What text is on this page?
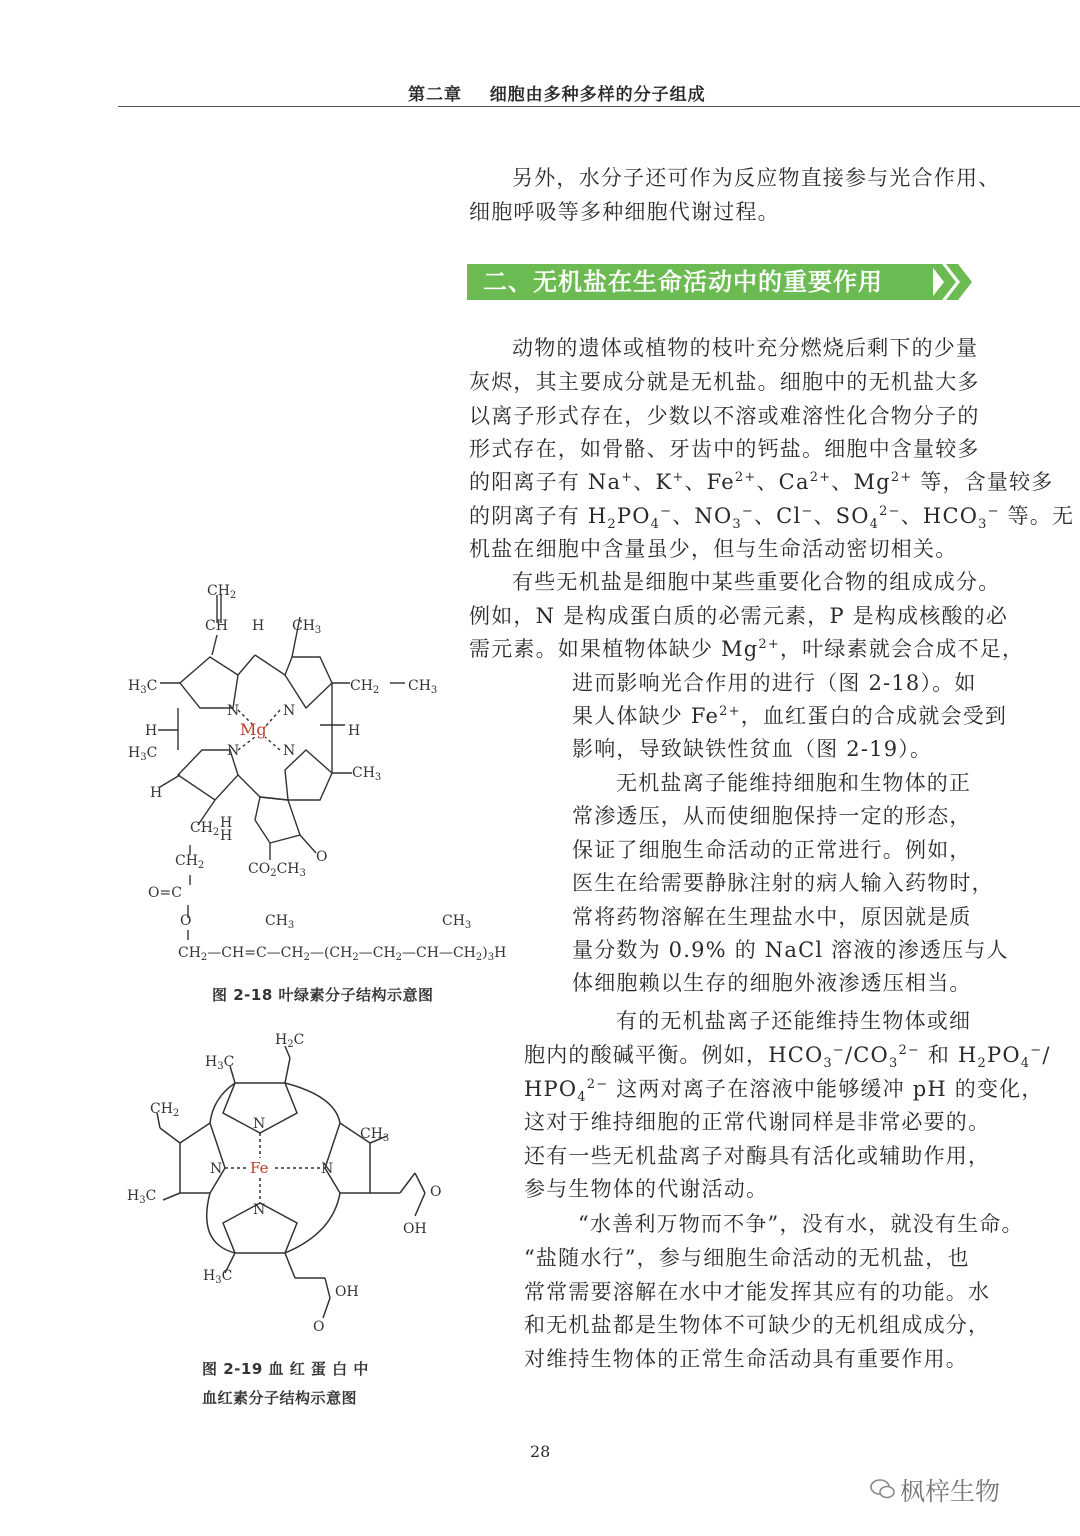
第二章 细胞由多种多样的分子组成
另外，水分子还可作为反应物直接参与光合作用、
细胞呼吸等多种细胞代谢过程。
二、无机盐在生命活动中的重要作用
动物的遗体或植物的枝叶充分燃烧后剩下的少量
灰烬，其主要成分就是无机盐。细胞中的无机盐大多
以离子形式存在，少数以不溶或难溶性化合物分子的
形式存在，如骨骼、牙齿中的钙盐。细胞中含量较多
的阳离子有 Na+、K+、$Fe^{2+}$、$Ca^{2+}$、$Mg^{2+}$ 等，含量较多
的阴离子有 $H_2PO_4^-$、$NO_3^-$、Cl−、$SO_4^{2-}$、$HCO_3^-$ 等。无
机盐在细胞中含量虽少，但与生命活动密切相关。
有些无机盐是细胞中某些重要化合物的组成成分。
例如，N 是构成蛋白质的必需元素，P 是构成核酸的必
需元素。如果植物体缺少 $Mg^{2+}$，叶绿素就会合成不足，
进而影响光合作用的进行（图 2-18）。如
果人体缺少 $Fe^{2+}$，血红蛋白的合成就会受到
影响，导致缺铁性贫血（图 2-19）。
无机盐离子能维持细胞和生物体的正
常渗透压，从而使细胞保持一定的形态，
保证了细胞生命活动的正常进行。例如，
医生在给需要静脉注射的病人输入药物时，
常将药物溶解在生理盐水中，原因就是质
量分数为 0.9% 的 NaCl 溶液的渗透压与人
体细胞赖以生存的细胞外液渗透压相当。
有的无机盐离子还能维持生物体或细
胞内的酸碱平衡。例如，$HCO_3^-/CO_3^{2-}$ 和 $H_2PO_4^-/$
$HPO_4^{2-}$ 这两对离子在溶液中能够缓冲 pH 的变化，
这对于维持细胞的正常代谢同样是非常必要的。
还有一些无机盐离子对酶具有活化或辅助作用，
参与生物体的代谢活动。
“水善利万物而不争”，没有水，就没有生命。
“盐随水行”，参与细胞生命活动的无机盐，也
常常需要溶解在水中才能发挥其应有的功能。水
和无机盐都是生物体不可缺少的无机组成成分，
对维持生物体的正常生命活动具有重要作用。
$CH_2$
CH H $CH_3$
$H_3C$	$CH_2$ $CH_3$
N	N
Mg
H	H
$H_3C$	N	N
$CH_3$
H
H
$CH_2$ H
O
$CH_2$	$CO_2CH_3$
O=C
O	$CH_3$	$CH_3$
$CH_2—CH=C—CH_2—(CH_2—CH_2—CH—CH_2)_3H$
图 2-18 叶绿素分子结构示意图
$H_3C$
$H_2C$
$CH_2$
$CH_3$
N
N Fe	N
N
$H_3C$	O
OH
$H_3C$
OH
O
图 2-19 血 红 蛋 白 中
血红素分子结构示意图
28
枫梓生物
